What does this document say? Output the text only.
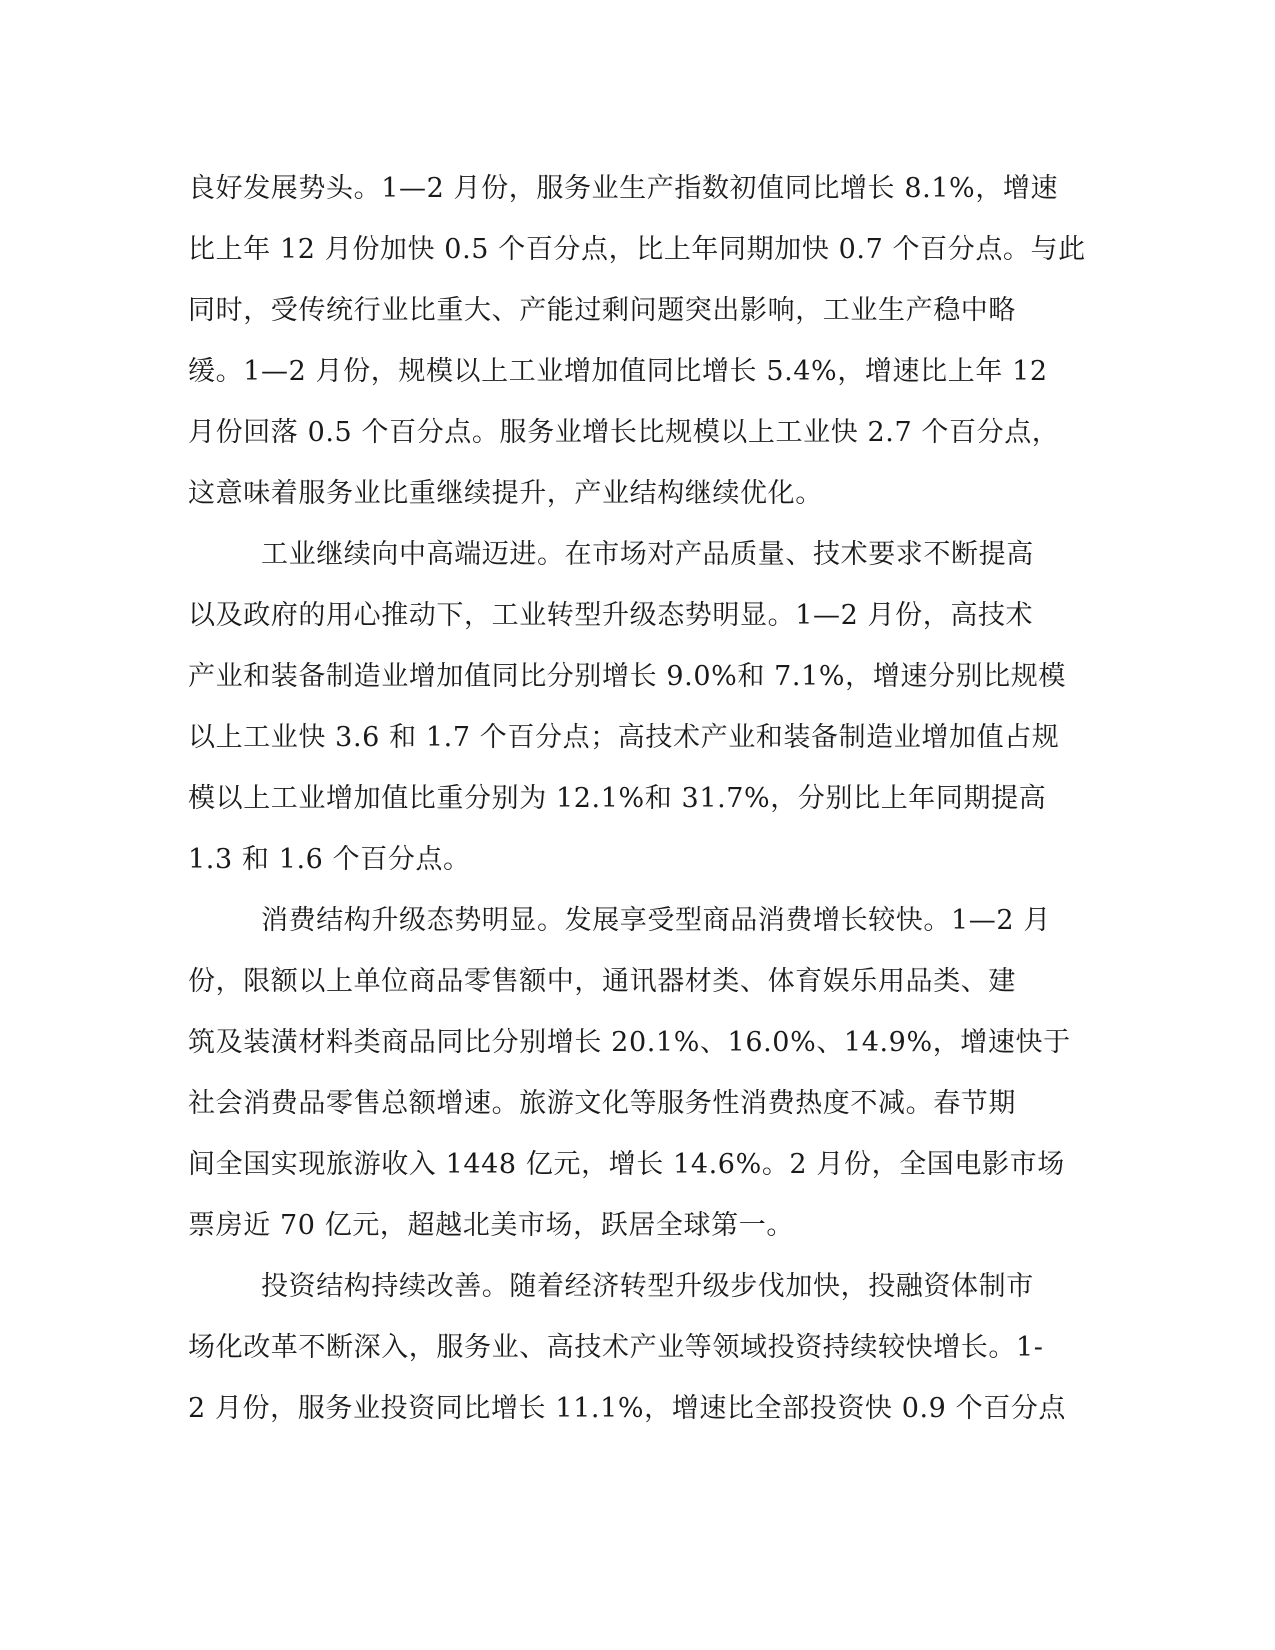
良好发展势头。1—2 月份，服务业生产指数初值同比增长 8.1%，增速
比上年 12 月份加快 0.5 个百分点，比上年同期加快 0.7 个百分点。与此
同时，受传统行业比重大、产能过剩问题突出影响，工业生产稳中略
缓。1—2 月份，规模以上工业增加值同比增长 5.4%，增速比上年 12
月份回落 0.5 个百分点。服务业增长比规模以上工业快 2.7 个百分点，
这意味着服务业比重继续提升，产业结构继续优化。
工业继续向中高端迈进。在市场对产品质量、技术要求不断提高
以及政府的用心推动下，工业转型升级态势明显。1—2 月份，高技术
产业和装备制造业增加值同比分别增长 9.0%和 7.1%，增速分别比规模
以上工业快 3.6 和 1.7 个百分点；高技术产业和装备制造业增加值占规
模以上工业增加值比重分别为 12.1%和 31.7%，分别比上年同期提高
1.3 和 1.6 个百分点。
消费结构升级态势明显。发展享受型商品消费增长较快。1—2 月
份，限额以上单位商品零售额中，通讯器材类、体育娱乐用品类、建
筑及装潢材料类商品同比分别增长 20.1%、16.0%、14.9%，增速快于
社会消费品零售总额增速。旅游文化等服务性消费热度不减。春节期
间全国实现旅游收入 1448 亿元，增长 14.6%。2 月份，全国电影市场
票房近 70 亿元，超越北美市场，跃居全球第一。
投资结构持续改善。随着经济转型升级步伐加快，投融资体制市
场化改革不断深入，服务业、高技术产业等领域投资持续较快增长。1-
2 月份，服务业投资同比增长 11.1%，增速比全部投资快 0.9 个百分点
